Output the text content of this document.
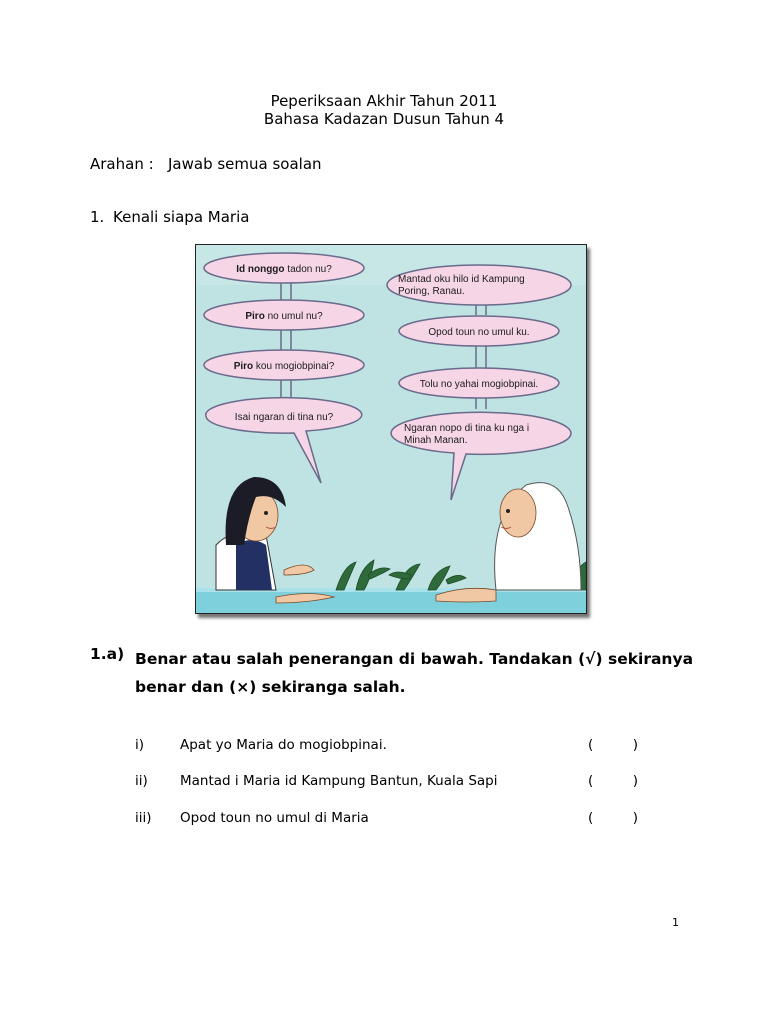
Peperiksaan Akhir Tahun 2011
Bahasa Kadazan Dusun Tahun 4
Arahan : Jawab semua soalan
1. Kenali siapa Maria
Id nonggo tadon nu?
Piro no umul nu?
Piro kou mogiobpinai?
Isai ngaran di tina nu?
Mantad oku hilo id Kampung
Poring, Ranau.
Opod toun no umul ku.
Tolu no yahai mogiobpinai.
Ngaran nopo di tina ku nga i
Minah Manan.
1.a) Benar atau salah penerangan di bawah. Tandakan (√) sekiranya benar dan (×) sekiranga salah.
i)	Apat yo Maria do mogiobpinai.	(	)
ii) Mantad i Maria id Kampung Bantun, Kuala Sapi	(	)
iii) Opod toun no umul di Maria	(	)
1
